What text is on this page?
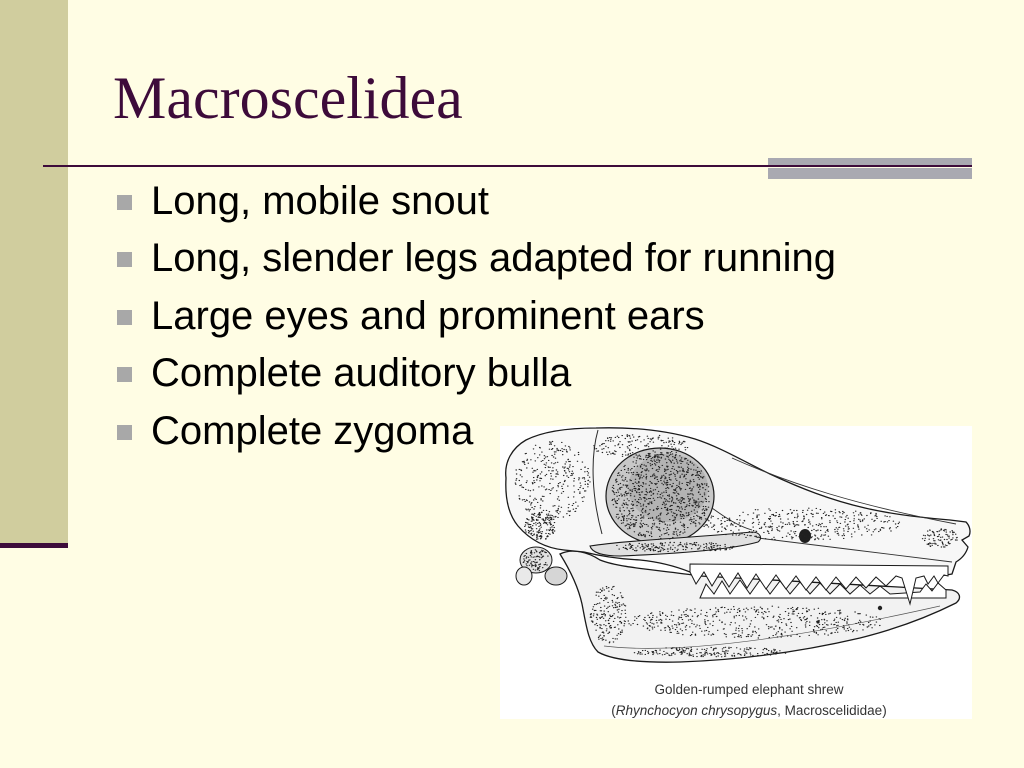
Macroscelidea
Long, mobile snout
Long, slender legs adapted for running
Large eyes and prominent ears
Complete auditory bulla
Complete zygoma
Golden-rumped elephant shrew
(Rhynchocyon chrysopygus, Macroscelididae)
